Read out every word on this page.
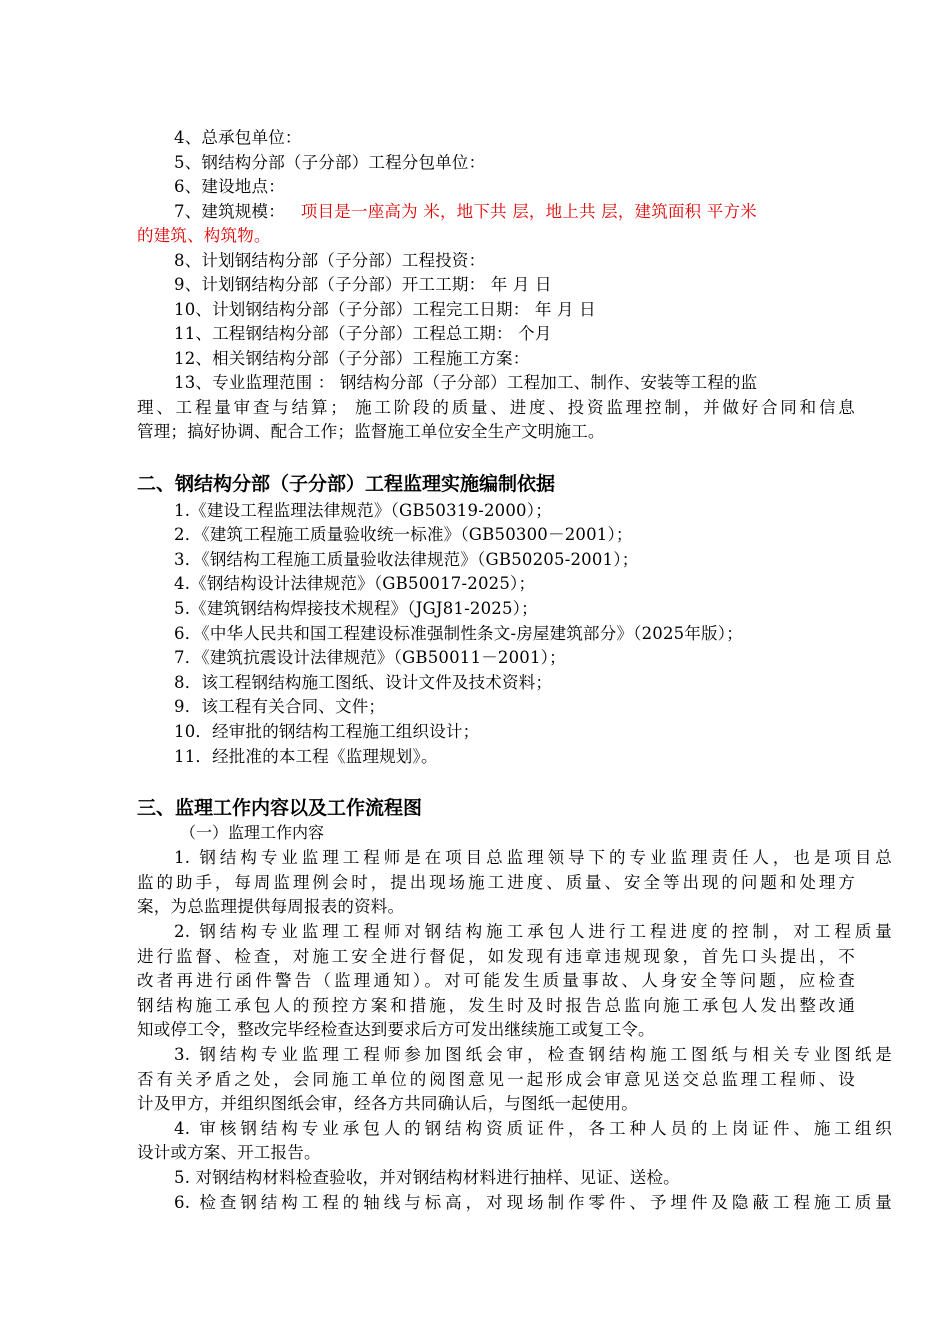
4、总承包单位：
5、钢结构分部（子分部）工程分包单位：
6、建设地点：
7、建筑规模： 项目是一座高为 米，地下共 层，地上共 层，建筑面积 平方米
的建筑、构筑物。
8、计划钢结构分部（子分部）工程投资：
9、计划钢结构分部（子分部）开工工期： 年 月 日
10、计划钢结构分部（子分部）工程完工日期： 年 月 日
11、工程钢结构分部（子分部）工程总工期： 个月
12、相关钢结构分部（子分部）工程施工方案：
13、专业监理范围 ： 钢结构分部（子分部）工程加工、制作、安装等工程的监
理、工程量审查与结算； 施工阶段的质量、进度、投资监理控制，并做好合同和信息
管理；搞好协调、配合工作；监督施工单位安全生产文明施工。
二、钢结构分部（子分部）工程监理实施编制依据
1.《建设工程监理法律规范》（GB50319-2000）；
2．《建筑工程施工质量验收统一标准》（GB50300－2001）；
3．《钢结构工程施工质量验收法律规范》（GB50205-2001）；
4.《钢结构设计法律规范》（GB50017-2025）；
5.《建筑钢结构焊接技术规程》（JGJ81-2025）；
6．《中华人民共和国工程建设标准强制性条文-房屋建筑部分》（2025年版）；
7．《建筑抗震设计法律规范》（GB50011－2001）；
8．该工程钢结构施工图纸、设计文件及技术资料；
9．该工程有关合同、文件；
10．经审批的钢结构工程施工组织设计；
11．经批准的本工程《监理规划》。
三、监理工作内容以及工作流程图
（一）监理工作内容
1. 钢结构专业监理工程师是在项目总监理领导下的专业监理责任人，也是项目总
监的助手，每周监理例会时，提出现场施工进度、质量、安全等出现的问题和处理方
案，为总监理提供每周报表的资料。
2. 钢结构专业监理工程师对钢结构施工承包人进行工程进度的控制，对工程质量
进行监督、检查，对施工安全进行督促，如发现有违章违规现象，首先口头提出，不
改者再进行函件警告（监理通知）。对可能发生质量事故、人身安全等问题，应检查
钢结构施工承包人的预控方案和措施，发生时及时报告总监向施工承包人发出整改通
知或停工令，整改完毕经检查达到要求后方可发出继续施工或复工令。
3. 钢结构专业监理工程师参加图纸会审，检查钢结构施工图纸与相关专业图纸是
否有关矛盾之处，会同施工单位的阅图意见一起形成会审意见送交总监理工程师、设
计及甲方，并组织图纸会审，经各方共同确认后，与图纸一起使用。
4. 审核钢结构专业承包人的钢结构资质证件，各工种人员的上岗证件、施工组织
设计或方案、开工报告。
5. 对钢结构材料检查验收，并对钢结构材料进行抽样、见证、送检。
6. 检查钢结构工程的轴线与标高，对现场制作零件、予埋件及隐蔽工程施工质量
